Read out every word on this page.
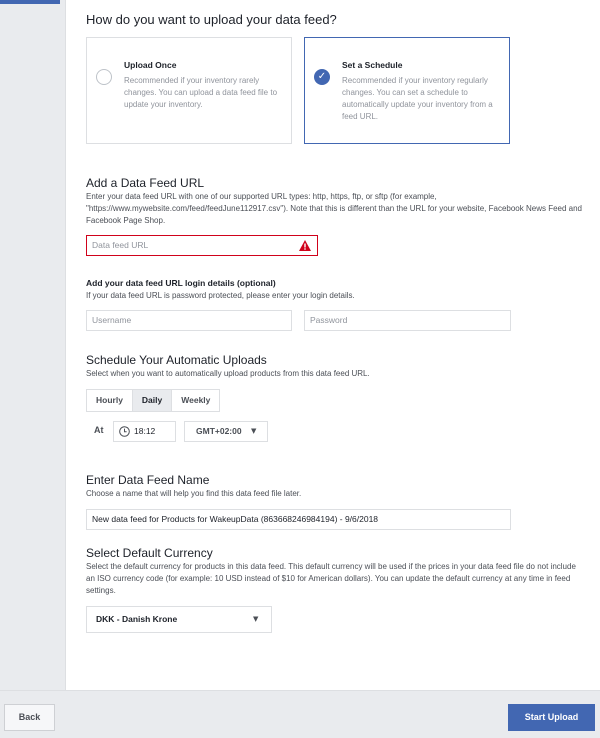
How do you want to upload your data feed?
Upload Once
Recommended if your inventory rarely changes. You can upload a data feed file to update your inventory.
✓
Set a Schedule
Recommended if your inventory regularly changes. You can set a schedule to automatically update your inventory from a feed URL.
Add a Data Feed URL
Enter your data feed URL with one of our supported URL types: http, https, ftp, or sftp (for example, "https://www.mywebsite.com/feed/feedJune112917.csv"). Note that this is different than the URL for your website, Facebook News Feed and Facebook Page Shop.
Data feed URL
Add your data feed URL login details (optional)
If your data feed URL is password protected, please enter your login details.
Username	Password
Schedule Your Automatic Uploads
Select when you want to automatically upload products from this data feed URL.
Hourly	Daily	Weekly
At	18:12	GMT+02:00 ▼
Enter Data Feed Name
Choose a name that will help you find this data feed file later.
New data feed for Products for WakeupData (863668246984194) - 9/6/2018
Select Default Currency
Select the default currency for products in this data feed. This default currency will be used if the prices in your data feed file do not include an ISO currency code (for example: 10 USD instead of $10 for American dollars). You can update the default currency at any time in feed settings.
DKK - Danish Krone	▼
Back	Start Upload
